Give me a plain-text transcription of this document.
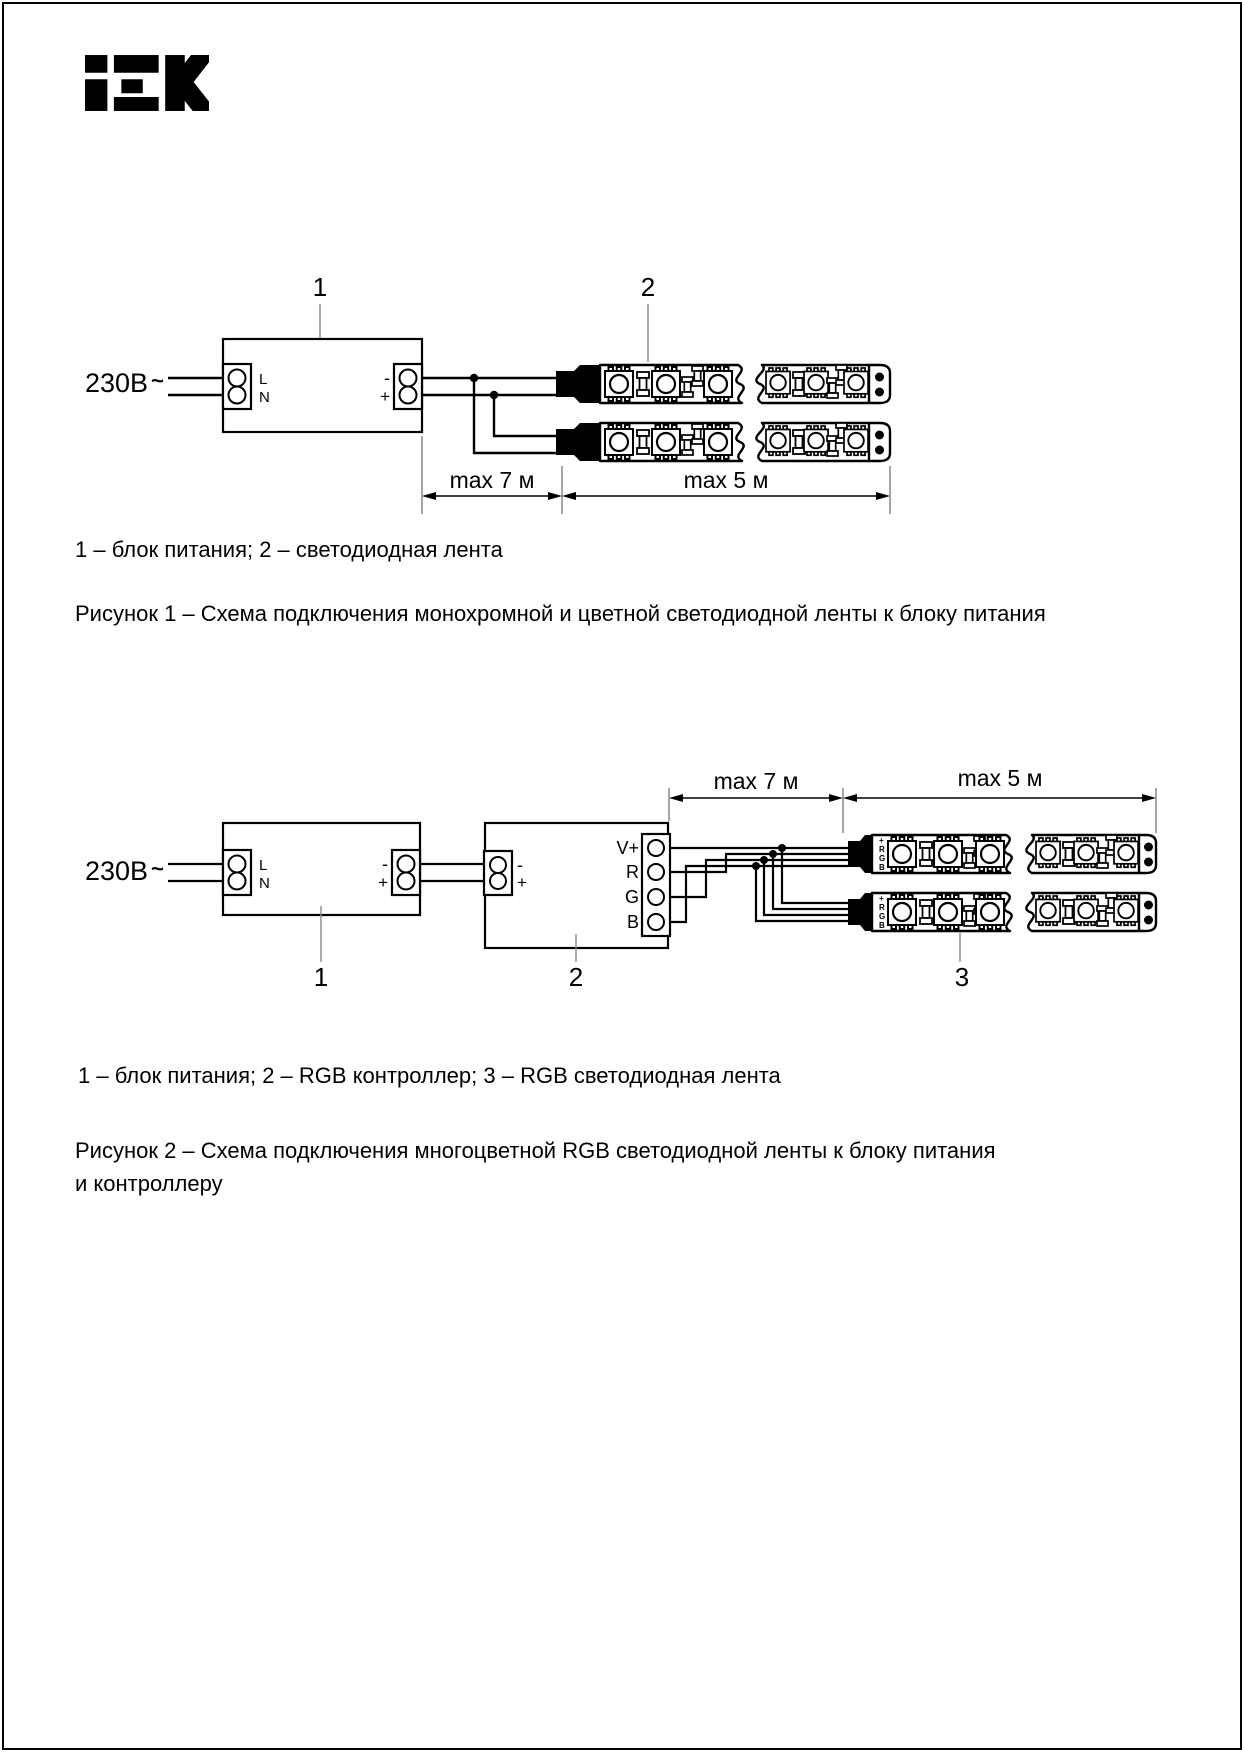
1	2
230В ~	L
N
-
+	+
max 7 м	max 5 м
230В ~	L
N
-
+
1
-
+
V+
R
G
B
2
+
R
G
B
3
max 7 м	max 5 м

1 – блок питания; 2 – светодиодная лента

Рисунок 1 – Схема подключения монохромной и цветной светодиодной ленты к блоку питания

1 – блок питания; 2 – RGB контроллер; 3 – RGB светодиодная лента

Рисунок 2 – Схема подключения многоцветной RGB светодиодной ленты к блоку питания
и контроллеру
